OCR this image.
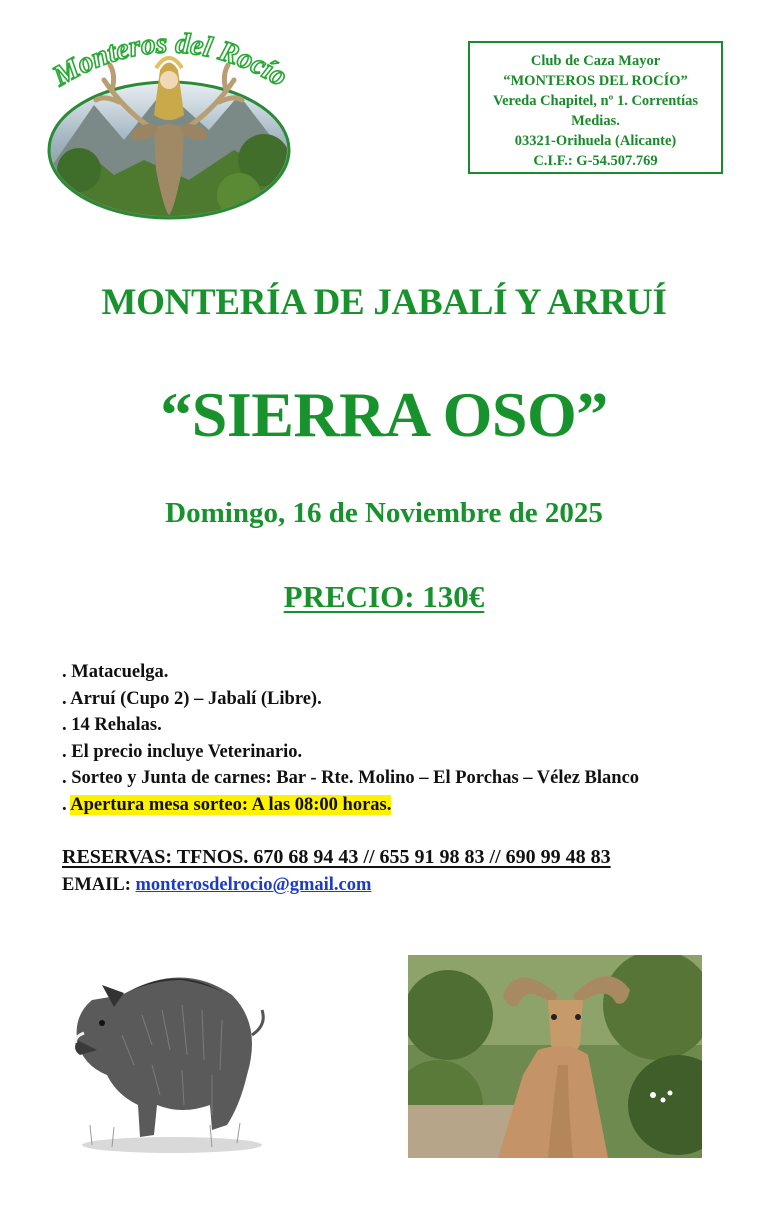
Monteros del Rocío	Club de Caza Mayor
“MONTEROS DEL ROCÍO”
Vereda Chapitel, nº 1. Correntías
Medias.
03321-Orihuela (Alicante)
C.I.F.: G-54.507.769
MONTERÍA DE JABALÍ Y ARRUÍ
“SIERRA OSO”
Domingo, 16 de Noviembre de 2025
PRECIO: 130€
. Matacuelga.
. Arruí (Cupo 2) – Jabalí (Libre).
. 14 Rehalas.
. El precio incluye Veterinario.
. Sorteo y Junta de carnes: Bar - Rte. Molino – El Porchas – Vélez Blanco
. Apertura mesa sorteo: A las 08:00 horas.
RESERVAS: TFNOS. 670 68 94 43 // 655 91 98 83 // 690 99 48 83
EMAIL: monterosdelrocio@gmail.com
